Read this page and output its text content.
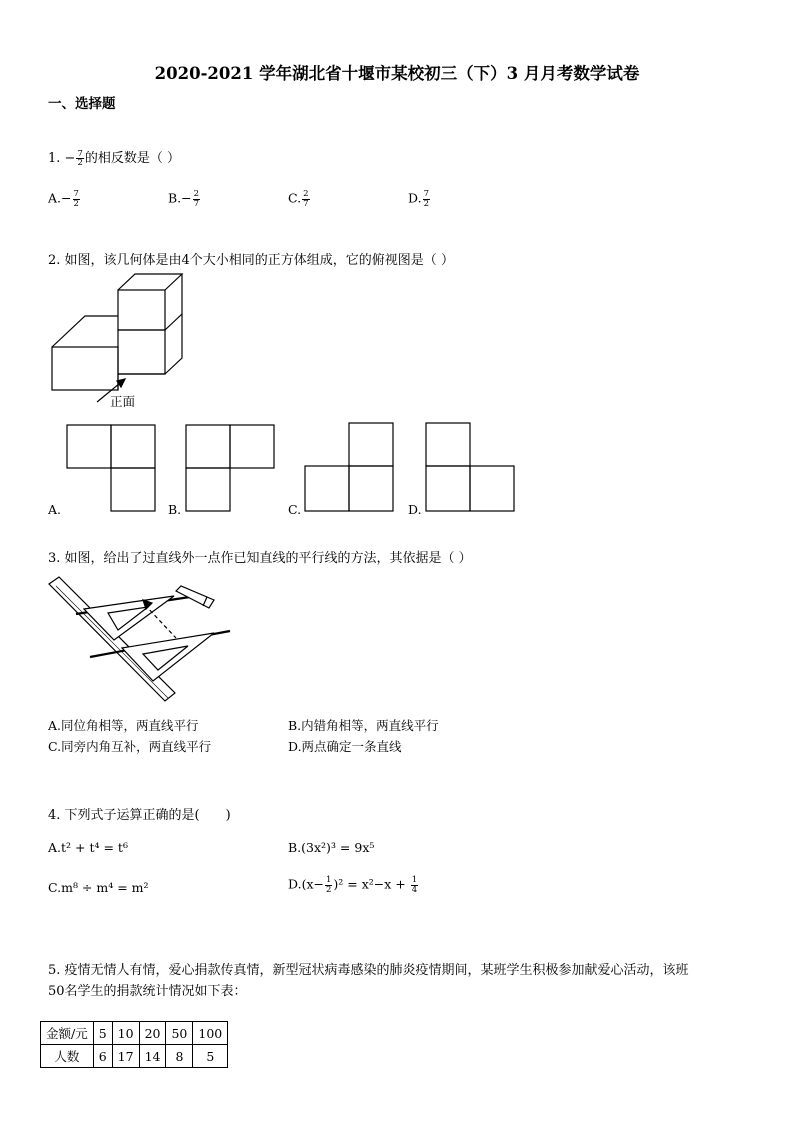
2020-2021 学年湖北省十堰市某校初三（下）3 月月考数学试卷
一、选择题
1. − $\frac{7}{2}$ 的相反数是（ ）
$A.- \frac{7}{2}$	$B.- \frac{2}{7}$	C. $\frac{2}{7}$	D. $\frac{7}{2}$
2. 如图，该几何体是由4个大小相同的正方体组成，它的俯视图是（ ）
正面
A.	B.	C.	D.
3. 如图，给出了过直线外一点作已知直线的平行线的方法，其依据是（ ）
A.同位角相等，两直线平行	B.内错角相等，两直线平行
C.同旁内角互补，两直线平行	D.两点确定一条直线
4. 下列式子运算正确的是(　　)
A.t² + t⁴ = t⁶	B.(3x²)³ = 9x⁵
C.m⁸ ÷ m⁴ = m²	$D.(x- \frac{1}{2} )^2 = x^2-x + \frac{1}{4}$
5. 疫情无情人有情，爱心捐款传真情，新型冠状病毒感染的肺炎疫情期间，某班学生积极参加献爱心活动，该班
50名学生的捐款统计情况如下表：
金额/元	5	10	20	50	100
人数	6	17	14	8	5
